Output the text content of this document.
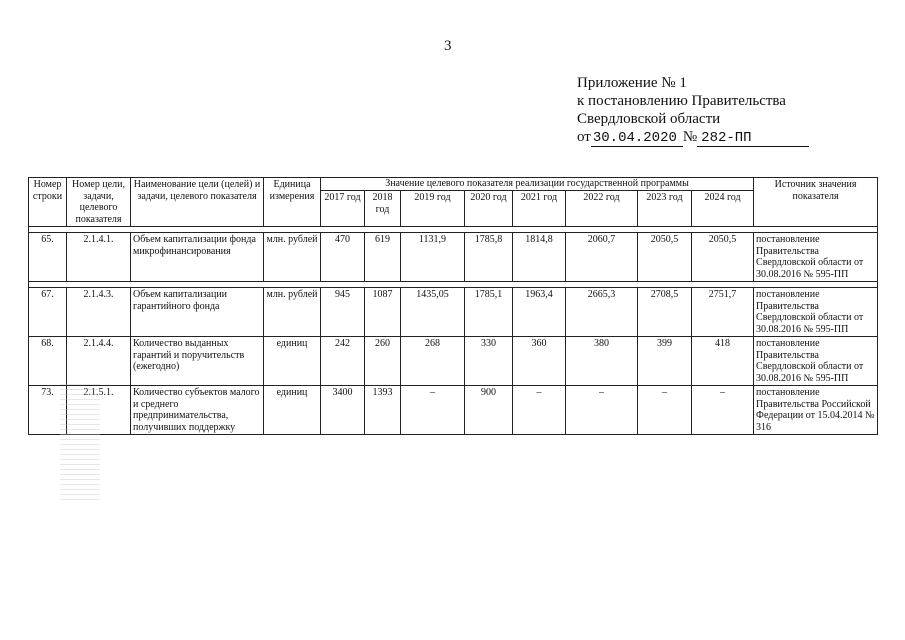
3
Приложение № 1
к постановлению Правительства
Свердловской области
от 30.04.2020 № 282-ПП
Номер строки	Номер цели, задачи, целевого показателя	Наименование цели (целей) и задачи, целевого показателя	Единица измерения	Значение целевого показателя реализации государственной программы								Источник значения показателя
				2017 год	2018 год	2019 год	2020 год	2021 год	2022 год	2023 год	2024 год	

65.	2.1.4.1.	Объем капитализации фонда микрофинансирования	млн. рублей	470	619	1131,9	1785,8	1814,8	2060,7	2050,5	2050,5	постановление Правительства Свердловской области от 30.08.2016 № 595-ПП

67.	2.1.4.3.	Объем капитализации гарантийного фонда	млн. рублей	945	1087	1435,05	1785,1	1963,4	2665,3	2708,5	2751,7	постановление Правительства Свердловской области от 30.08.2016 № 595-ПП
68.	2.1.4.4.	Количество выданных гарантий и поручительств (ежегодно)	единиц	242	260	268	330	360	380	399	418	постановление Правительства Свердловской области от 30.08.2016 № 595-ПП
73.	2.1.5.1.	Количество субъектов малого и среднего предпринимательства, получивших поддержку	единиц	3400	1393	–	900	–	–	–	–	постановление Правительства Российской Федерации от 15.04.2014 № 316
